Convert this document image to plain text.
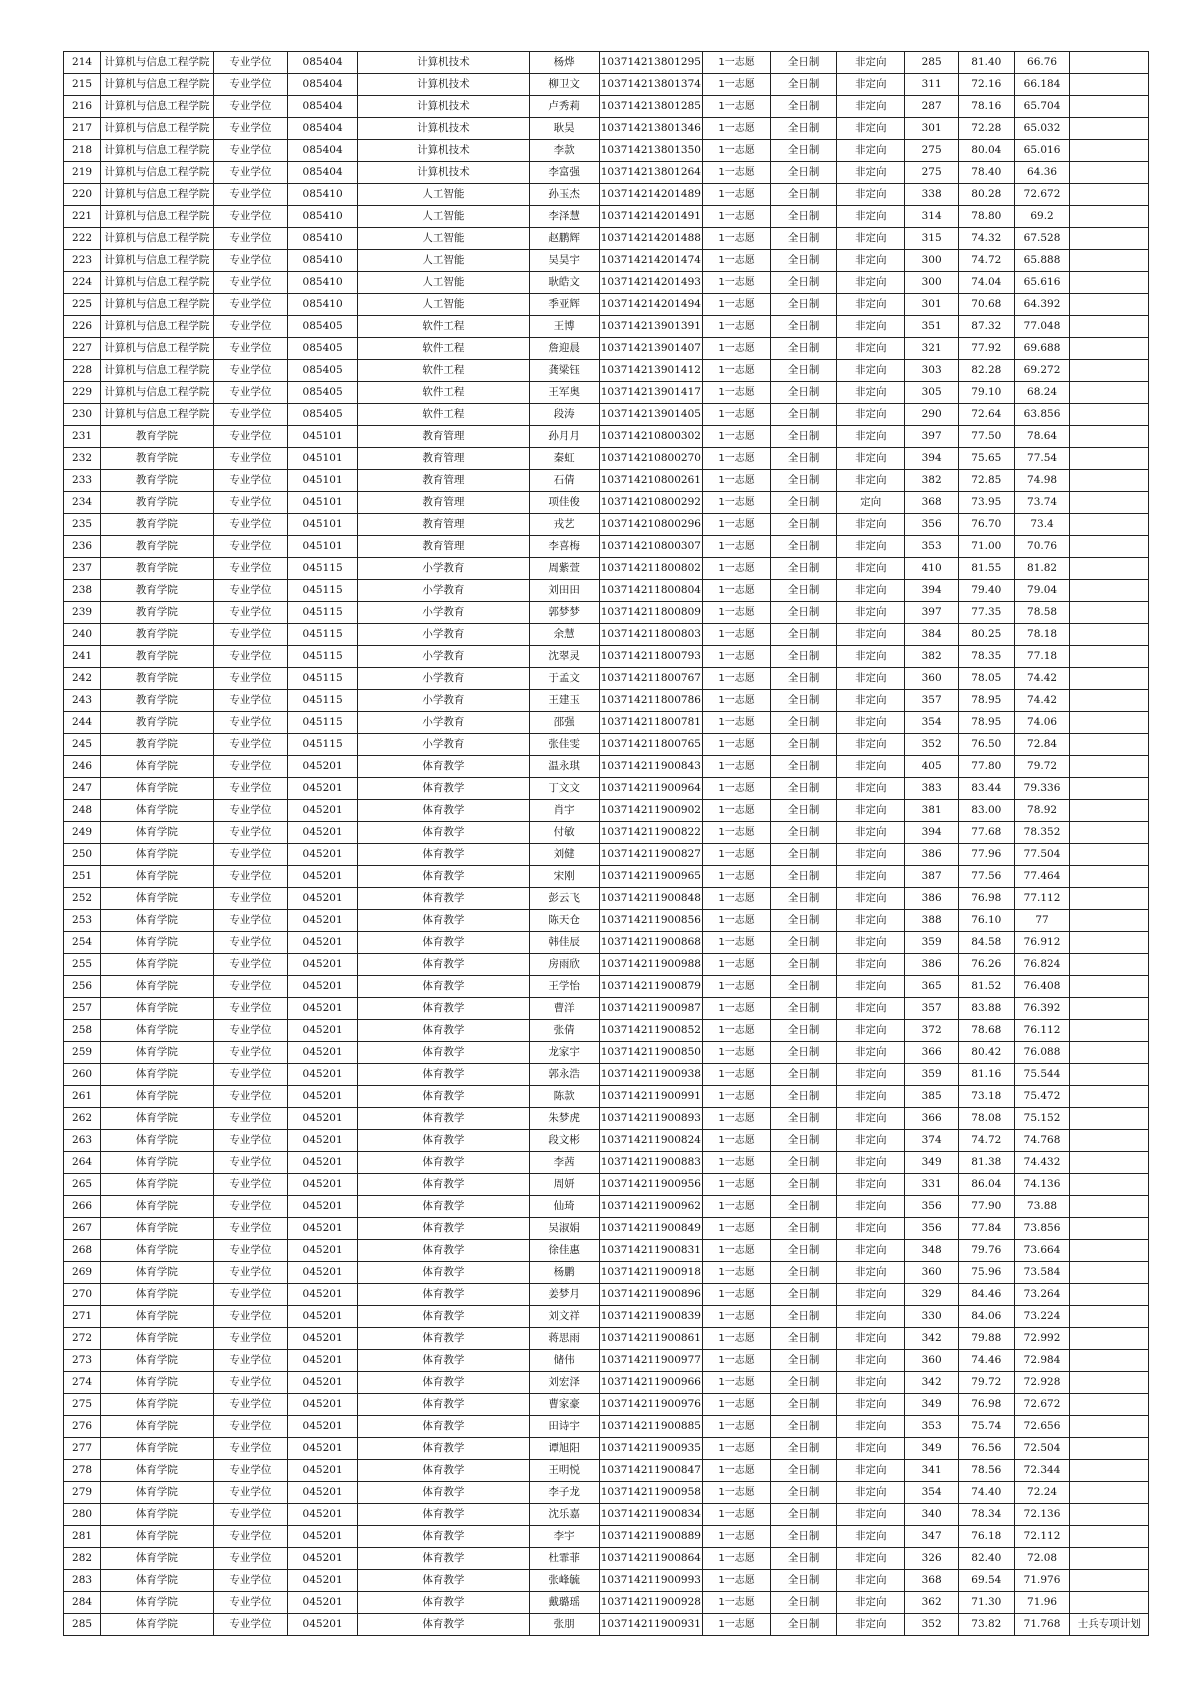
214	计算机与信息工程学院	专业学位	085404	计算机技术	杨烨	103714213801295	1一志愿	全日制	非定向	285	81.40	66.76	
215	计算机与信息工程学院	专业学位	085404	计算机技术	柳卫文	103714213801374	1一志愿	全日制	非定向	311	72.16	66.184	
216	计算机与信息工程学院	专业学位	085404	计算机技术	卢秀莉	103714213801285	1一志愿	全日制	非定向	287	78.16	65.704	
217	计算机与信息工程学院	专业学位	085404	计算机技术	耿昊	103714213801346	1一志愿	全日制	非定向	301	72.28	65.032	
218	计算机与信息工程学院	专业学位	085404	计算机技术	李款	103714213801350	1一志愿	全日制	非定向	275	80.04	65.016	
219	计算机与信息工程学院	专业学位	085404	计算机技术	李富强	103714213801264	1一志愿	全日制	非定向	275	78.40	64.36	
220	计算机与信息工程学院	专业学位	085410	人工智能	孙玉杰	103714214201489	1一志愿	全日制	非定向	338	80.28	72.672	
221	计算机与信息工程学院	专业学位	085410	人工智能	李泽慧	103714214201491	1一志愿	全日制	非定向	314	78.80	69.2	
222	计算机与信息工程学院	专业学位	085410	人工智能	赵鹏辉	103714214201488	1一志愿	全日制	非定向	315	74.32	67.528	
223	计算机与信息工程学院	专业学位	085410	人工智能	吴昊宇	103714214201474	1一志愿	全日制	非定向	300	74.72	65.888	
224	计算机与信息工程学院	专业学位	085410	人工智能	耿皓文	103714214201493	1一志愿	全日制	非定向	300	74.04	65.616	
225	计算机与信息工程学院	专业学位	085410	人工智能	季亚辉	103714214201494	1一志愿	全日制	非定向	301	70.68	64.392	
226	计算机与信息工程学院	专业学位	085405	软件工程	王博	103714213901391	1一志愿	全日制	非定向	351	87.32	77.048	
227	计算机与信息工程学院	专业学位	085405	软件工程	詹迎晨	103714213901407	1一志愿	全日制	非定向	321	77.92	69.688	
228	计算机与信息工程学院	专业学位	085405	软件工程	龚梁钰	103714213901412	1一志愿	全日制	非定向	303	82.28	69.272	
229	计算机与信息工程学院	专业学位	085405	软件工程	王军奥	103714213901417	1一志愿	全日制	非定向	305	79.10	68.24	
230	计算机与信息工程学院	专业学位	085405	软件工程	段涛	103714213901405	1一志愿	全日制	非定向	290	72.64	63.856	
231	教育学院	专业学位	045101	教育管理	孙月月	103714210800302	1一志愿	全日制	非定向	397	77.50	78.64	
232	教育学院	专业学位	045101	教育管理	秦虹	103714210800270	1一志愿	全日制	非定向	394	75.65	77.54	
233	教育学院	专业学位	045101	教育管理	石倩	103714210800261	1一志愿	全日制	非定向	382	72.85	74.98	
234	教育学院	专业学位	045101	教育管理	项佳俊	103714210800292	1一志愿	全日制	定向	368	73.95	73.74	
235	教育学院	专业学位	045101	教育管理	戎艺	103714210800296	1一志愿	全日制	非定向	356	76.70	73.4	
236	教育学院	专业学位	045101	教育管理	李喜梅	103714210800307	1一志愿	全日制	非定向	353	71.00	70.76	
237	教育学院	专业学位	045115	小学教育	周紫萱	103714211800802	1一志愿	全日制	非定向	410	81.55	81.82	
238	教育学院	专业学位	045115	小学教育	刘田田	103714211800804	1一志愿	全日制	非定向	394	79.40	79.04	
239	教育学院	专业学位	045115	小学教育	郭梦梦	103714211800809	1一志愿	全日制	非定向	397	77.35	78.58	
240	教育学院	专业学位	045115	小学教育	余慧	103714211800803	1一志愿	全日制	非定向	384	80.25	78.18	
241	教育学院	专业学位	045115	小学教育	沈翠灵	103714211800793	1一志愿	全日制	非定向	382	78.35	77.18	
242	教育学院	专业学位	045115	小学教育	于孟文	103714211800767	1一志愿	全日制	非定向	360	78.05	74.42	
243	教育学院	专业学位	045115	小学教育	王建玉	103714211800786	1一志愿	全日制	非定向	357	78.95	74.42	
244	教育学院	专业学位	045115	小学教育	邵强	103714211800781	1一志愿	全日制	非定向	354	78.95	74.06	
245	教育学院	专业学位	045115	小学教育	张佳雯	103714211800765	1一志愿	全日制	非定向	352	76.50	72.84	
246	体育学院	专业学位	045201	体育教学	温永琪	103714211900843	1一志愿	全日制	非定向	405	77.80	79.72	
247	体育学院	专业学位	045201	体育教学	丁文文	103714211900964	1一志愿	全日制	非定向	383	83.44	79.336	
248	体育学院	专业学位	045201	体育教学	肖宇	103714211900902	1一志愿	全日制	非定向	381	83.00	78.92	
249	体育学院	专业学位	045201	体育教学	付敏	103714211900822	1一志愿	全日制	非定向	394	77.68	78.352	
250	体育学院	专业学位	045201	体育教学	刘健	103714211900827	1一志愿	全日制	非定向	386	77.96	77.504	
251	体育学院	专业学位	045201	体育教学	宋刚	103714211900965	1一志愿	全日制	非定向	387	77.56	77.464	
252	体育学院	专业学位	045201	体育教学	彭云飞	103714211900848	1一志愿	全日制	非定向	386	76.98	77.112	
253	体育学院	专业学位	045201	体育教学	陈天仓	103714211900856	1一志愿	全日制	非定向	388	76.10	77	
254	体育学院	专业学位	045201	体育教学	韩佳辰	103714211900868	1一志愿	全日制	非定向	359	84.58	76.912	
255	体育学院	专业学位	045201	体育教学	房雨欣	103714211900988	1一志愿	全日制	非定向	386	76.26	76.824	
256	体育学院	专业学位	045201	体育教学	王学怡	103714211900879	1一志愿	全日制	非定向	365	81.52	76.408	
257	体育学院	专业学位	045201	体育教学	曹洋	103714211900987	1一志愿	全日制	非定向	357	83.88	76.392	
258	体育学院	专业学位	045201	体育教学	张倩	103714211900852	1一志愿	全日制	非定向	372	78.68	76.112	
259	体育学院	专业学位	045201	体育教学	龙家宇	103714211900850	1一志愿	全日制	非定向	366	80.42	76.088	
260	体育学院	专业学位	045201	体育教学	郭永浩	103714211900938	1一志愿	全日制	非定向	359	81.16	75.544	
261	体育学院	专业学位	045201	体育教学	陈款	103714211900991	1一志愿	全日制	非定向	385	73.18	75.472	
262	体育学院	专业学位	045201	体育教学	朱梦虎	103714211900893	1一志愿	全日制	非定向	366	78.08	75.152	
263	体育学院	专业学位	045201	体育教学	段文彬	103714211900824	1一志愿	全日制	非定向	374	74.72	74.768	
264	体育学院	专业学位	045201	体育教学	李茜	103714211900883	1一志愿	全日制	非定向	349	81.38	74.432	
265	体育学院	专业学位	045201	体育教学	周妍	103714211900956	1一志愿	全日制	非定向	331	86.04	74.136	
266	体育学院	专业学位	045201	体育教学	仙琦	103714211900962	1一志愿	全日制	非定向	356	77.90	73.88	
267	体育学院	专业学位	045201	体育教学	吴淑娟	103714211900849	1一志愿	全日制	非定向	356	77.84	73.856	
268	体育学院	专业学位	045201	体育教学	徐佳惠	103714211900831	1一志愿	全日制	非定向	348	79.76	73.664	
269	体育学院	专业学位	045201	体育教学	杨鹏	103714211900918	1一志愿	全日制	非定向	360	75.96	73.584	
270	体育学院	专业学位	045201	体育教学	姜梦月	103714211900896	1一志愿	全日制	非定向	329	84.46	73.264	
271	体育学院	专业学位	045201	体育教学	刘文祥	103714211900839	1一志愿	全日制	非定向	330	84.06	73.224	
272	体育学院	专业学位	045201	体育教学	蒋思雨	103714211900861	1一志愿	全日制	非定向	342	79.88	72.992	
273	体育学院	专业学位	045201	体育教学	储伟	103714211900977	1一志愿	全日制	非定向	360	74.46	72.984	
274	体育学院	专业学位	045201	体育教学	刘宏泽	103714211900966	1一志愿	全日制	非定向	342	79.72	72.928	
275	体育学院	专业学位	045201	体育教学	曹家豪	103714211900976	1一志愿	全日制	非定向	349	76.98	72.672	
276	体育学院	专业学位	045201	体育教学	田诗宇	103714211900885	1一志愿	全日制	非定向	353	75.74	72.656	
277	体育学院	专业学位	045201	体育教学	谭旭阳	103714211900935	1一志愿	全日制	非定向	349	76.56	72.504	
278	体育学院	专业学位	045201	体育教学	王明悦	103714211900847	1一志愿	全日制	非定向	341	78.56	72.344	
279	体育学院	专业学位	045201	体育教学	李子龙	103714211900958	1一志愿	全日制	非定向	354	74.40	72.24	
280	体育学院	专业学位	045201	体育教学	沈乐嘉	103714211900834	1一志愿	全日制	非定向	340	78.34	72.136	
281	体育学院	专业学位	045201	体育教学	李宇	103714211900889	1一志愿	全日制	非定向	347	76.18	72.112	
282	体育学院	专业学位	045201	体育教学	杜霏菲	103714211900864	1一志愿	全日制	非定向	326	82.40	72.08	
283	体育学院	专业学位	045201	体育教学	张峰毓	103714211900993	1一志愿	全日制	非定向	368	69.54	71.976	
284	体育学院	专业学位	045201	体育教学	戴璐瑶	103714211900928	1一志愿	全日制	非定向	362	71.30	71.96	
285	体育学院	专业学位	045201	体育教学	张朋	103714211900931	1一志愿	全日制	非定向	352	73.82	71.768	士兵专项计划
